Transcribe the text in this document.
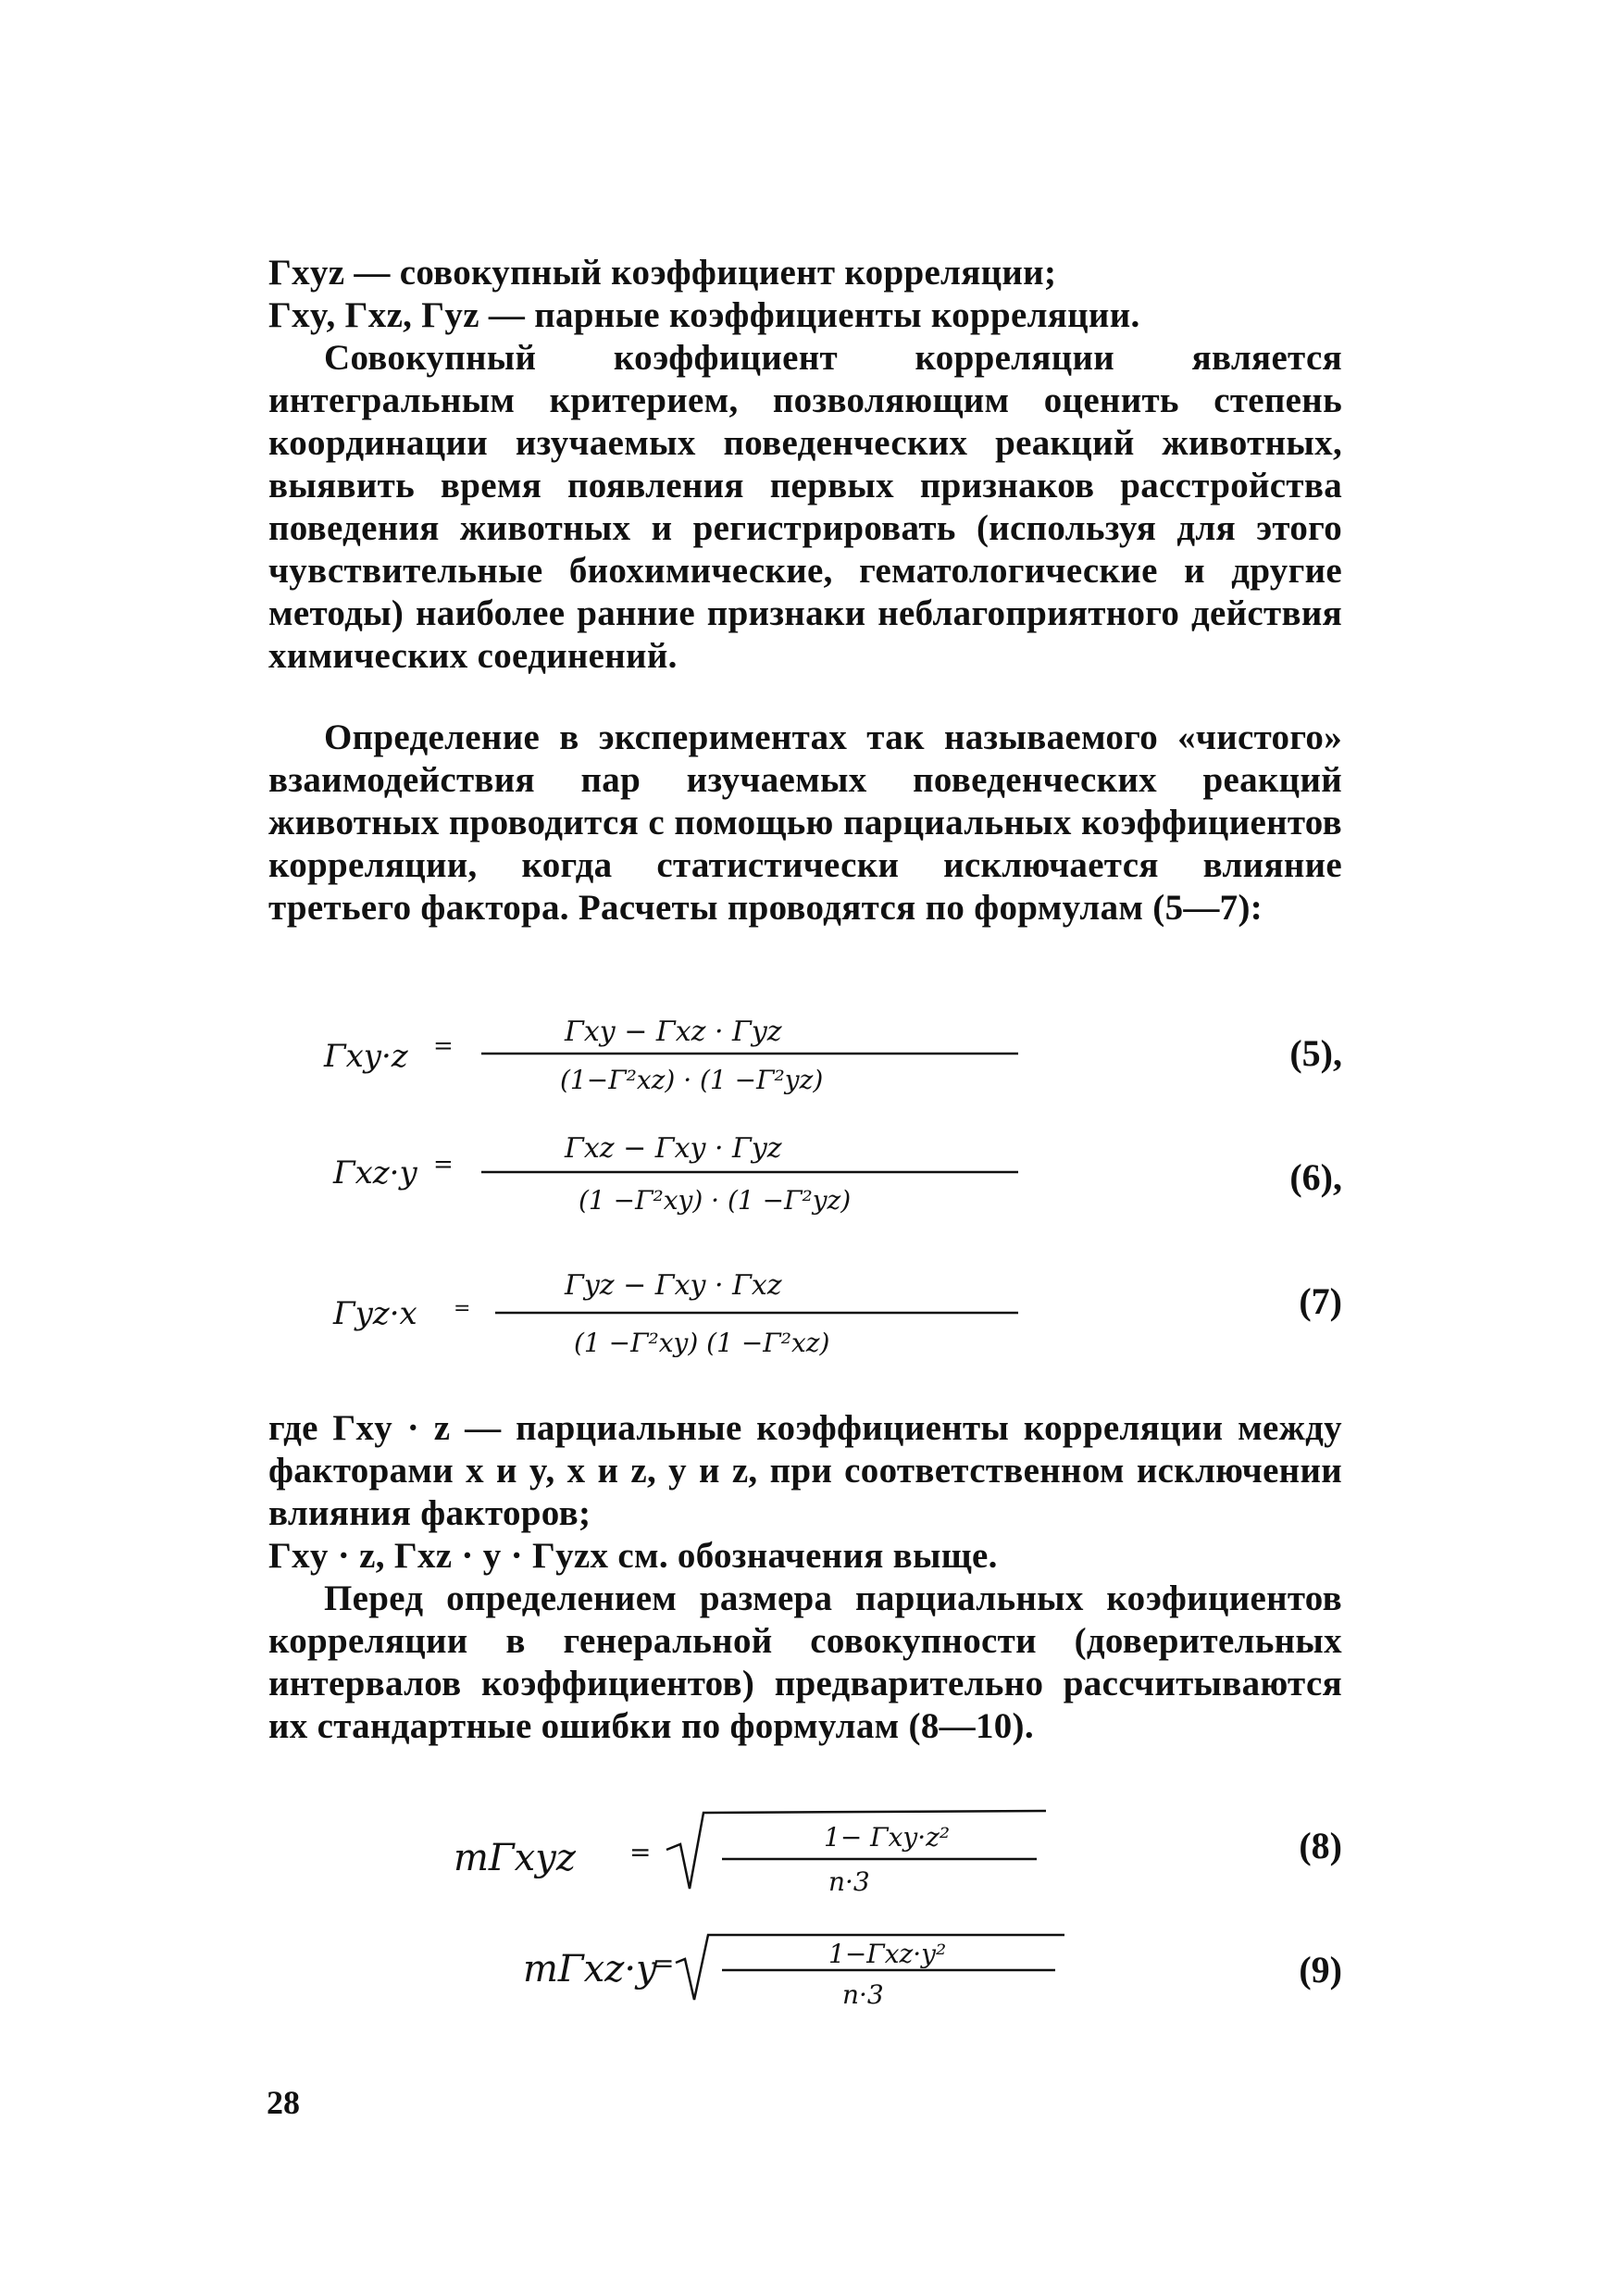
Γxyz — совокупный коэффициент корреляции;

Γxy, Γxz, Γyz — парные коэффициенты корреляции.

Совокупный коэффициент корреляции является интегральным критерием, позволяющим оценить степень координации изучаемых поведенческих реакций животных, выявить время появления первых признаков расстройства поведения животных и регистрировать (используя для этого чувствительные биохимические, гематологические и другие методы) наиболее ранние признаки неблагоприятного действия химических соединений.

Определение в экспериментах так называемого «чистого» взаимодействия пар изучаемых поведенческих реакций животных проводится с помощью парциальных коэффициентов корреляции, когда статистически исключается влияние третьего фактора. Расчеты проводятся по формулам (5—7):

Γxy·z =	Γxy − Γxz · Γyz
(1−Γ²xz) · (1 −Γ²yz)
(5),
Γxz·y =	Γxz − Γxy · Γyz
(1 −Γ²xy) · (1 −Γ²yz)
(6),
Γyz·x =
Γyz − Γxy · Γxz
(1 −Γ²xy) (1 −Γ²xz)
(7)

где Γxy · z — парциальные коэффициенты корреляции между факторами x и y, x и z, y и z, при соответственном исключении влияния факторов;

Γxy · z, Γxz · y · Γyzx см. обозначения выще.

Перед определением размера парциальных коэфициентов корреляции в генеральной совокупности (доверительных интервалов коэффициентов) предварительно рассчитываются их стандартные ошибки по формулам (8—10).

mΓxyz =	1− Γxy·z²
n·3
(8)
mΓxz·y
=	1−Γxz·y²
n·3
(9)
28
